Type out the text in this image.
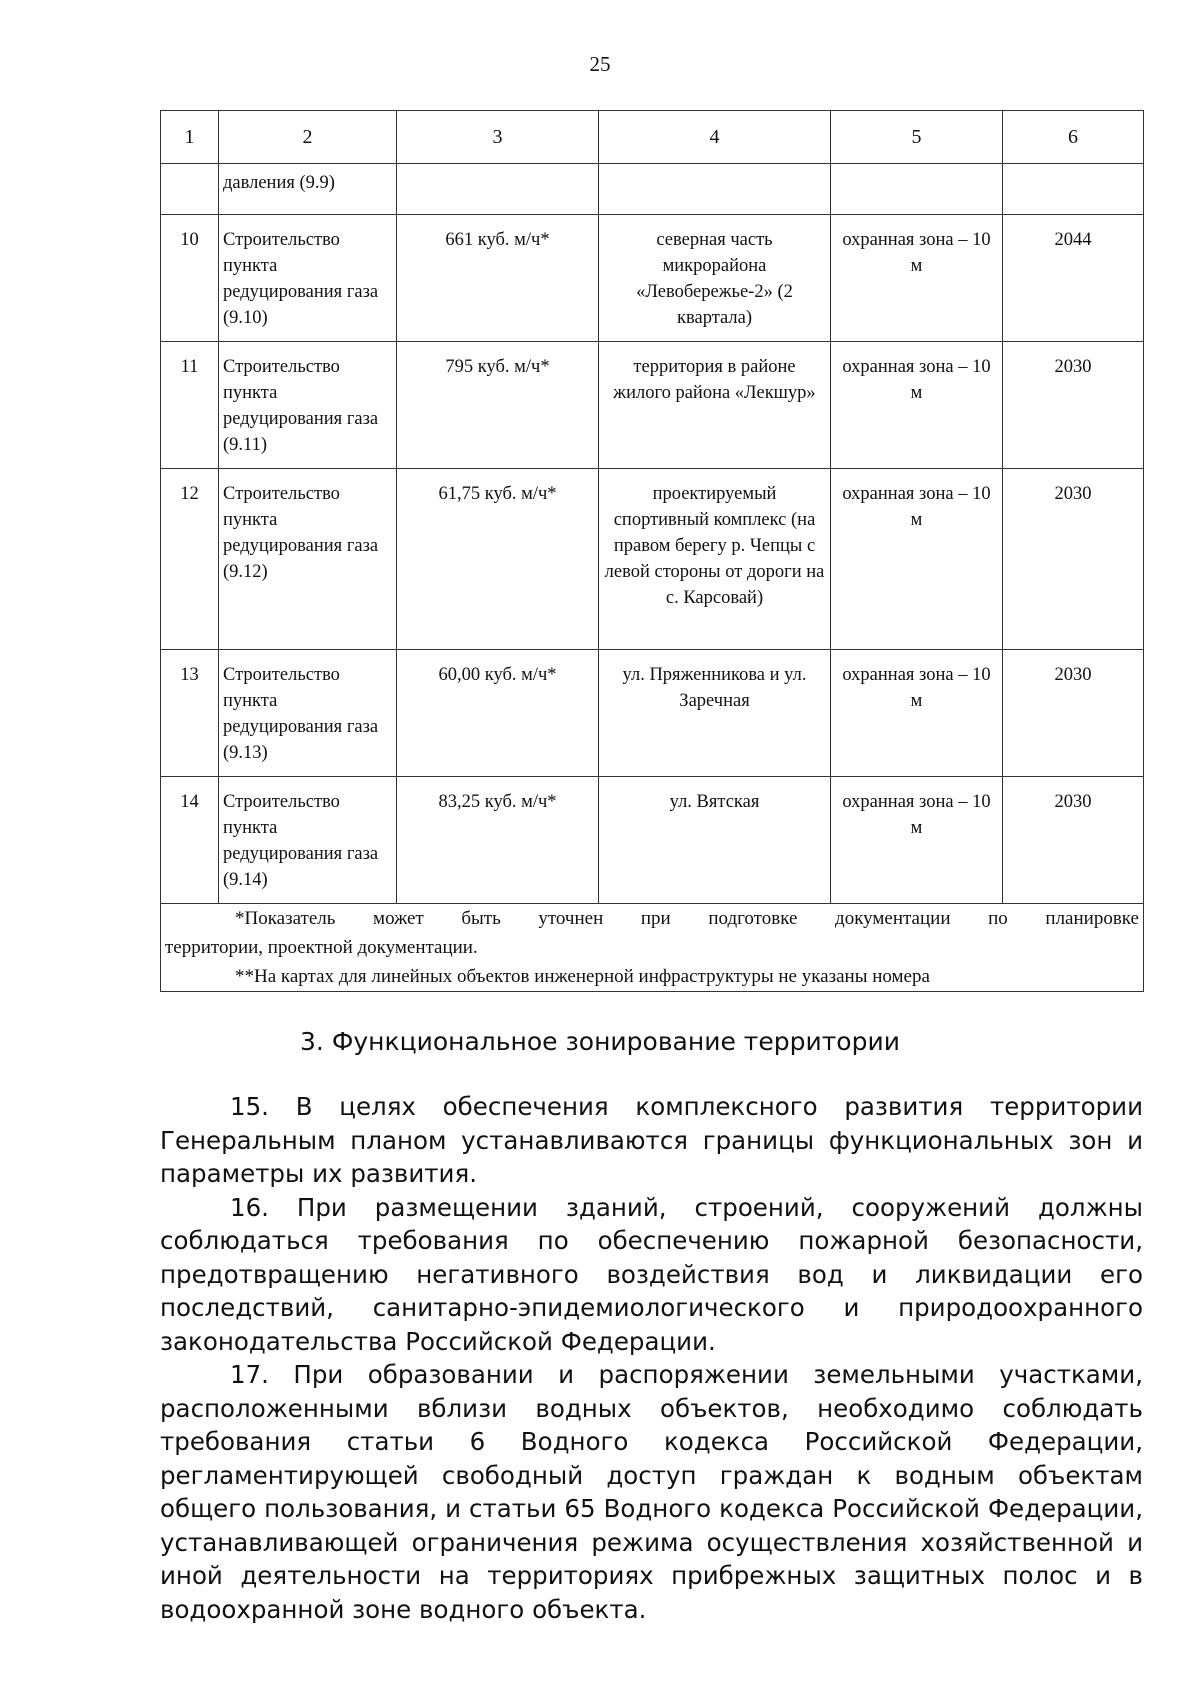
25
1	2	3	4	5	6
	давления (9.9)				
10	Строительство пункта редуцирования газа (9.10)	661 куб. м/ч*	северная часть микрорайона «Левобережье-2» (2 квартала)	охранная зона – 10 м	2044
11	Строительство пункта редуцирования газа (9.11)	795 куб. м/ч*	территория в районе жилого района «Лекшур»	охранная зона – 10 м	2030
12	Строительство пункта редуцирования газа (9.12)	61,75 куб. м/ч*	проектируемый спортивный комплекс (на правом берегу р. Чепцы с левой стороны от дороги на с. Карсовай)	охранная зона – 10 м	2030
13	Строительство пункта редуцирования газа (9.13)	60,00 куб. м/ч*	ул. Пряженникова и ул. Заречная	охранная зона – 10 м	2030
14	Строительство пункта редуцирования газа (9.14)	83,25 куб. м/ч*	ул. Вятская	охранная зона – 10 м	2030

*Показатель может быть уточнен при подготовке документации по планировке
территории, проектной документации.
**На картах для линейных объектов инженерной инфраструктуры не указаны номера					
3. Функциональное зонирование территории

15. В целях обеспечения комплексного развития территории Генеральным планом устанавливаются границы функциональных зон и параметры их развития.

16. При размещении зданий, строений, сооружений должны соблюдаться требования по обеспечению пожарной безопасности, предотвращению негативного воздействия вод и ликвидации его последствий, санитарно-эпидемиологического и природоохранного законодательства Российской Федерации.

17. При образовании и распоряжении земельными участками, расположенными вблизи водных объектов, необходимо соблюдать требования статьи 6 Водного кодекса Российской Федерации, регламентирующей свободный доступ граждан к водным объектам общего пользования, и статьи 65 Водного кодекса Российской Федерации, устанавливающей ограничения режима осуществления хозяйственной и иной деятельности на территориях прибрежных защитных полос и в водоохранной зоне водного объекта.
